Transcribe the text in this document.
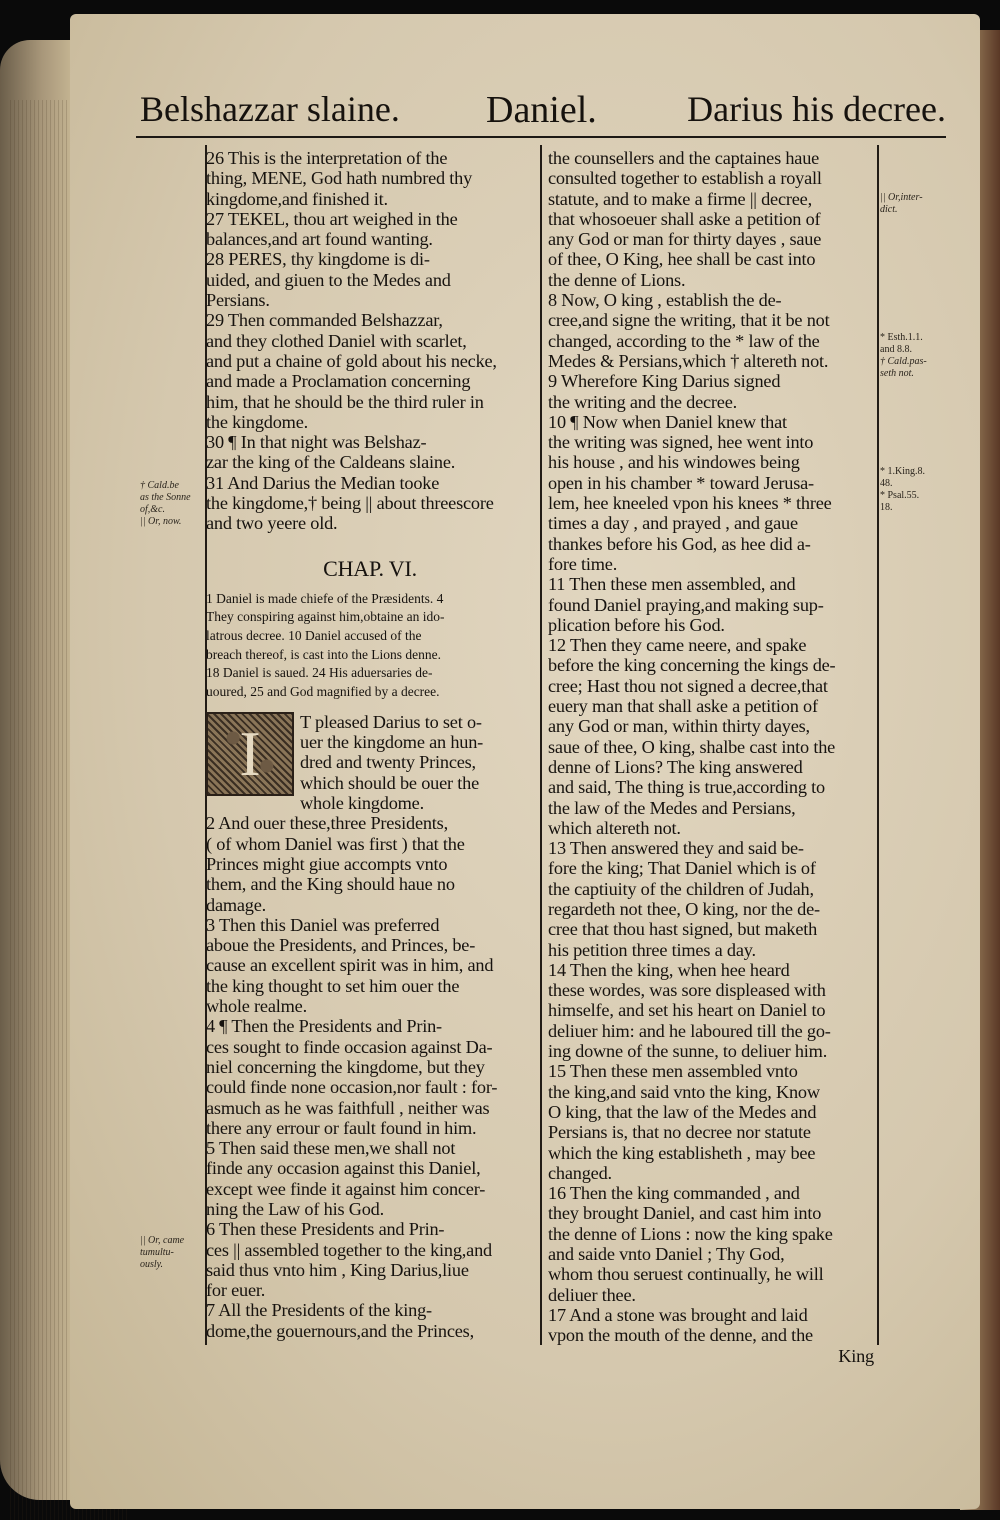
Belshazzar slaine. Daniel.	Darius his decree.
† Cald.be
as the Sonne
of,&c.
|| Or, now.
|| Or, came
tumultu-
ously.
|| Or,inter-
dict.
* Esth.1.1.
and 8.8.
† Cald.pas-
seth not.
* 1.King.8.
48.
* Psal.55.
18.

26 This is the interpretation of the

thing, MENE, God hath numbred thy

kingdome,and finished it.

27 TEKEL, thou art weighed in the

balances,and art found wanting.

28 PERES, thy kingdome is di-

uided, and giuen to the Medes and

Persians.

29 Then commanded Belshazzar,

and they clothed Daniel with scarlet,

and put a chaine of gold about his necke,

and made a Proclamation concerning

him, that he should be the third ruler in

the kingdome.

30 ¶ In that night was Belshaz-

zar the king of the Caldeans slaine.

31 And Darius the Median tooke

the kingdome,† being || about threescore

and two yeere old.

CHAP. VI.

1 Daniel is made chiefe of the Præsidents. 4

They conspiring against him,obtaine an ido-

latrous decree. 10 Daniel accused of the

breach thereof, is cast into the Lions denne.

18 Daniel is saued. 24 His aduersaries de-

uoured, 25 and God magnified by a decree.

I	T pleased Darius to set o-

uer the kingdome an hun-

dred and twenty Princes,

which should be ouer the

whole kingdome.

2 And ouer these,three Presidents,

( of whom Daniel was first ) that the

Princes might giue accompts vnto

them, and the King should haue no

damage.

3 Then this Daniel was preferred

aboue the Presidents, and Princes, be-

cause an excellent spirit was in him, and

the king thought to set him ouer the

whole realme.

4 ¶ Then the Presidents and Prin-

ces sought to finde occasion against Da-

niel concerning the kingdome, but they

could finde none occasion,nor fault : for-

asmuch as he was faithfull , neither was

there any errour or fault found in him.

5 Then said these men,we shall not

finde any occasion against this Daniel,

except wee finde it against him concer-

ning the Law of his God.

6 Then these Presidents and Prin-

ces || assembled together to the king,and

said thus vnto him , King Darius,liue

for euer.

7 All the Presidents of the king-

dome,the gouernours,and the Princes,

the counsellers and the captaines haue

consulted together to establish a royall

statute, and to make a firme || decree,

that whosoeuer shall aske a petition of

any God or man for thirty dayes , saue

of thee, O King, hee shall be cast into

the denne of Lions.

8 Now, O king , establish the de-

cree,and signe the writing, that it be not

changed, according to the * law of the

Medes & Persians,which † altereth not.

9 Wherefore King Darius signed

the writing and the decree.

10 ¶ Now when Daniel knew that

the writing was signed, hee went into

his house , and his windowes being

open in his chamber * toward Jerusa-

lem, hee kneeled vpon his knees * three

times a day , and prayed , and gaue

thankes before his God, as hee did a-

fore time.

11 Then these men assembled, and

found Daniel praying,and making sup-

plication before his God.

12 Then they came neere, and spake

before the king concerning the kings de-

cree; Hast thou not signed a decree,that

euery man that shall aske a petition of

any God or man, within thirty dayes,

saue of thee, O king, shalbe cast into the

denne of Lions? The king answered

and said, The thing is true,according to

the law of the Medes and Persians,

which altereth not.

13 Then answered they and said be-

fore the king; That Daniel which is of

the captiuity of the children of Judah,

regardeth not thee, O king, nor the de-

cree that thou hast signed, but maketh

his petition three times a day.

14 Then the king, when hee heard

these wordes, was sore displeased with

himselfe, and set his heart on Daniel to

deliuer him: and he laboured till the go-

ing downe of the sunne, to deliuer him.

15 Then these men assembled vnto

the king,and said vnto the king, Know

O king, that the law of the Medes and

Persians is, that no decree nor statute

which the king establisheth , may bee

changed.

16 Then the king commanded , and

they brought Daniel, and cast him into

the denne of Lions : now the king spake

and saide vnto Daniel ; Thy God,

whom thou seruest continually, he will

deliuer thee.

17 And a stone was brought and laid

vpon the mouth of the denne, and the

King
